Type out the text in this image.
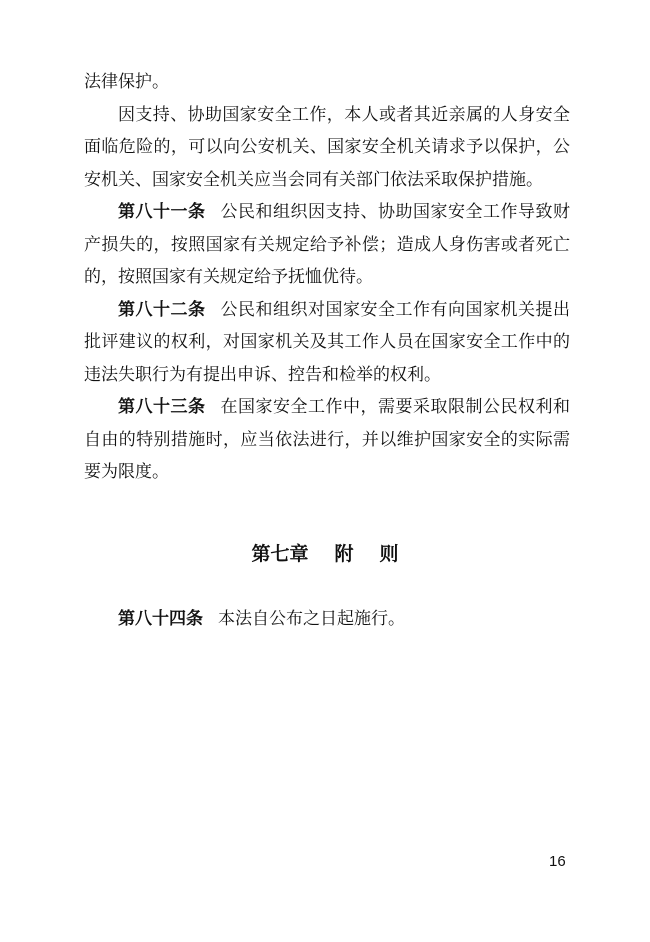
法律保护。

因支持、协助国家安全工作，本人或者其近亲属的人身安全面临危险的，可以向公安机关、国家安全机关请求予以保护，公安机关、国家安全机关应当会同有关部门依法采取保护措施。

第八十一条 公民和组织因支持、协助国家安全工作导致财产损失的，按照国家有关规定给予补偿；造成人身伤害或者死亡的，按照国家有关规定给予抚恤优待。

第八十二条 公民和组织对国家安全工作有向国家机关提出批评建议的权利，对国家机关及其工作人员在国家安全工作中的违法失职行为有提出申诉、控告和检举的权利。

第八十三条 在国家安全工作中，需要采取限制公民权利和自由的特别措施时，应当依法进行，并以维护国家安全的实际需要为限度。

第七章 附 则
第八十四条 本法自公布之日起施行。
16
